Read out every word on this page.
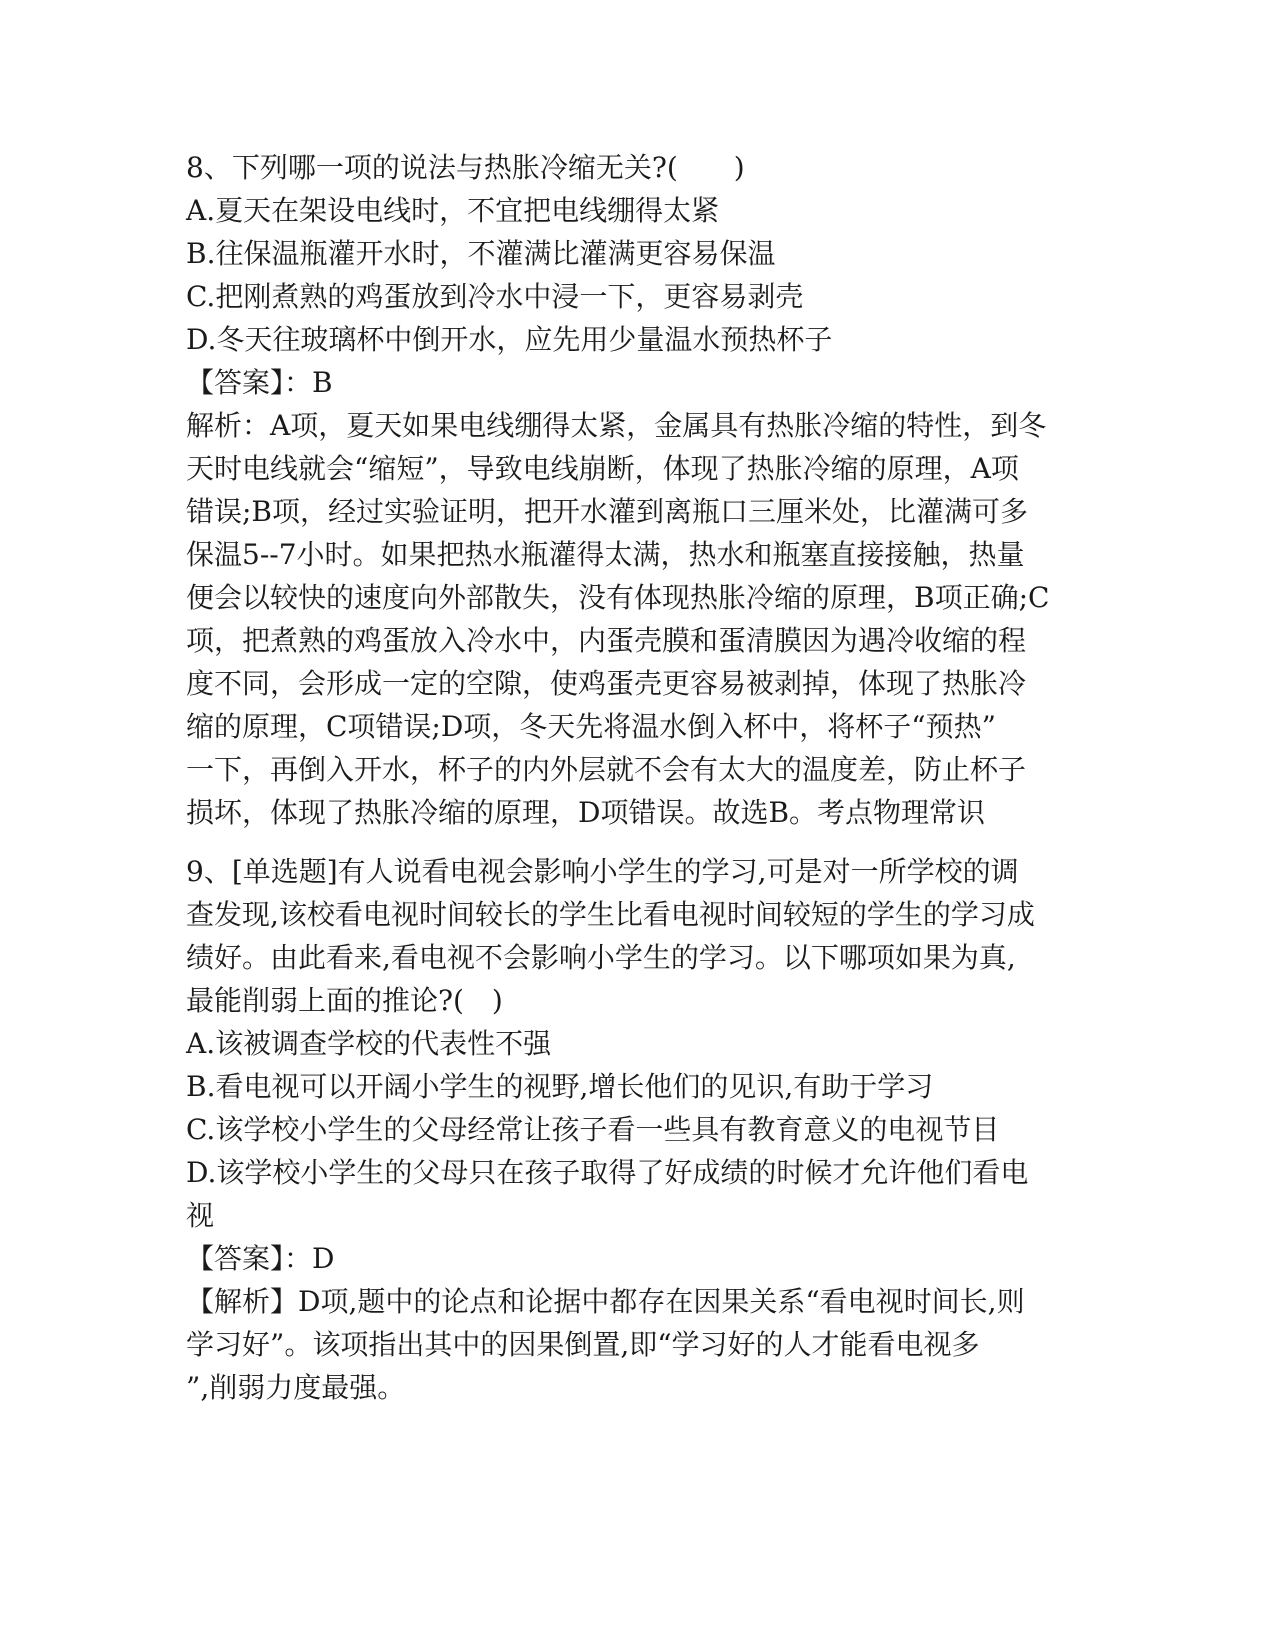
8、下列哪一项的说法与热胀冷缩无关?(　　)
A.夏天在架设电线时，不宜把电线绷得太紧
B.往保温瓶灌开水时，不灌满比灌满更容易保温
C.把刚煮熟的鸡蛋放到冷水中浸一下，更容易剥壳
D.冬天往玻璃杯中倒开水，应先用少量温水预热杯子
【答案】：B
解析：A项，夏天如果电线绷得太紧，金属具有热胀冷缩的特性，到冬
天时电线就会“缩短”，导致电线崩断，体现了热胀冷缩的原理，A项
错误;B项，经过实验证明，把开水灌到离瓶口三厘米处，比灌满可多
保温5--7小时。如果把热水瓶灌得太满，热水和瓶塞直接接触，热量
便会以较快的速度向外部散失，没有体现热胀冷缩的原理，B项正确;C
项，把煮熟的鸡蛋放入冷水中，内蛋壳膜和蛋清膜因为遇冷收缩的程
度不同，会形成一定的空隙，使鸡蛋壳更容易被剥掉，体现了热胀冷
缩的原理，C项错误;D项，冬天先将温水倒入杯中，将杯子“预热”
一下，再倒入开水，杯子的内外层就不会有太大的温度差，防止杯子
损坏，体现了热胀冷缩的原理，D项错误。故选B。考点物理常识
9、[单选题]有人说看电视会影响小学生的学习,可是对一所学校的调
查发现,该校看电视时间较长的学生比看电视时间较短的学生的学习成
绩好。由此看来,看电视不会影响小学生的学习。以下哪项如果为真,
最能削弱上面的推论?(　)
A.该被调查学校的代表性不强
B.看电视可以开阔小学生的视野,增长他们的见识,有助于学习
C.该学校小学生的父母经常让孩子看一些具有教育意义的电视节目
D.该学校小学生的父母只在孩子取得了好成绩的时候才允许他们看电
视
【答案】：D
【解析】D项,题中的论点和论据中都存在因果关系“看电视时间长,则
学习好”。该项指出其中的因果倒置,即“学习好的人才能看电视多
”,削弱力度最强。
